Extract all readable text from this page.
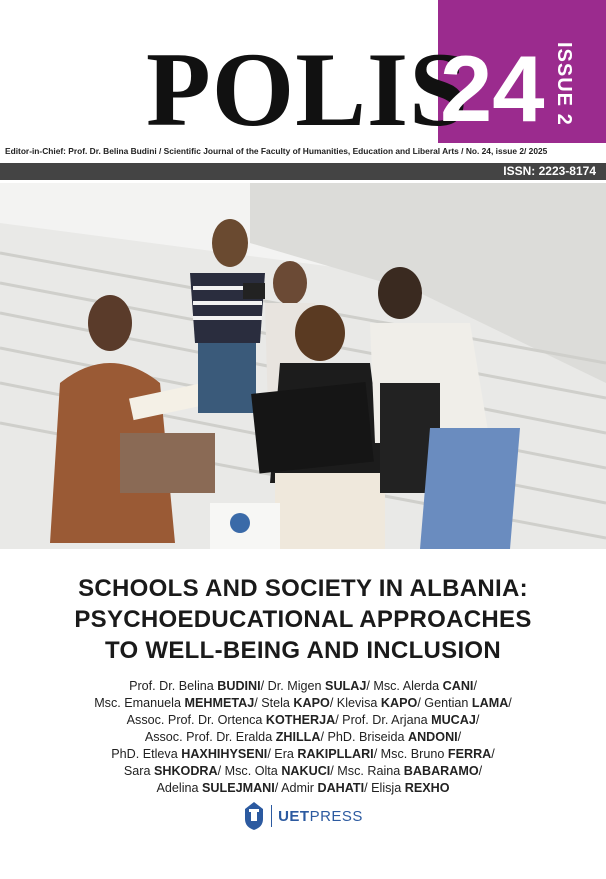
POLIS
24 ISSUE 2
Editor-in-Chief: Prof. Dr. Belina Budini / Scientific Journal of the Faculty of Humanities, Education and Liberal Arts / No. 24, issue 2/ 2025
ISSN: 2223-8174
SCHOOLS AND SOCIETY IN ALBANIA:
PSYCHOEDUCATIONAL APPROACHES
TO WELL-BEING AND INCLUSION
Prof. Dr. Belina BUDINI/ Dr. Migen SULAJ/ Msc. Alerda CANI/
Msc. Emanuela MEHMETAJ/ Stela KAPO/ Klevisa KAPO/ Gentian LAMA/
Assoc. Prof. Dr. Ortenca KOTHERJA/ Prof. Dr. Arjana MUCAJ/
Assoc. Prof. Dr. Eralda ZHILLA/ PhD. Briseida ANDONI/
PhD. Etleva HAXHIHYSENI/ Era RAKIPLLARI/ Msc. Bruno FERRA/
Sara SHKODRA/ Msc. Olta NAKUCI/ Msc. Raina BABARAMO/
Adelina SULEJMANI/ Admir DAHATI/ Elisja REXHO
UETPRESS
